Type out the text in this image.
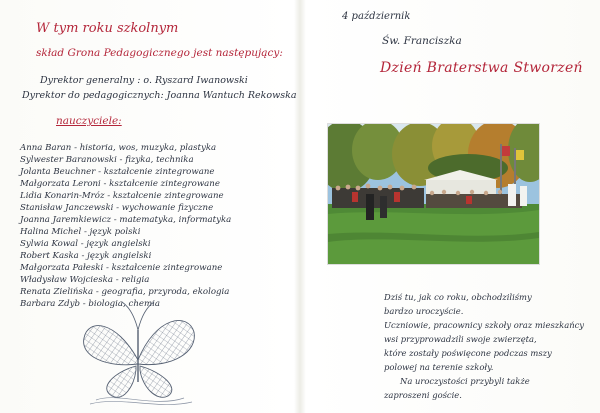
W tym roku szkolnym
skład Grona Pedagogicznego jest następujący:
Dyrektor generalny : o. Ryszard Iwanowski
Dyrektor do pedagogicznych: Joanna Wantuch Rekowska
nauczyciele:
Anna Baran - historia, wos, muzyka, plastyka
Sylwester Baranowski - fizyka, technika
Jolanta Beuchner - kształcenie zintegrowane
Małgorzata Leroni - kształcenie zintegrowane
Lidia Konarin-Mróz - kształcenie zintegrowane
Stanisław Janczewski - wychowanie fizyczne
Joanna Jaremkiewicz - matematyka, informatyka
Halina Michel - język polski
Sylwia Kowal - język angielski
Robert Kaska - język angielski
Małgorzata Pałeski - kształcenie zintegrowane
Władysław Wojcieska - religia
Renata Zielińska - geografia, przyroda, ekologia
Barbara Zdyb - biologia, chemia
4 październik
Św. Franciszka
Dzień Braterstwa Stworzeń
Dziś tu, jak co roku, obchodziliśmy
bardzo uroczyście.
Uczniowie, pracownicy szkoły oraz mieszkańcy
wsi przyprowadzili swoje zwierzęta,
które zostały poświęcone podczas mszy
polowej na terenie szkoły.
Na uroczystości przybyli także
zaproszeni goście.
